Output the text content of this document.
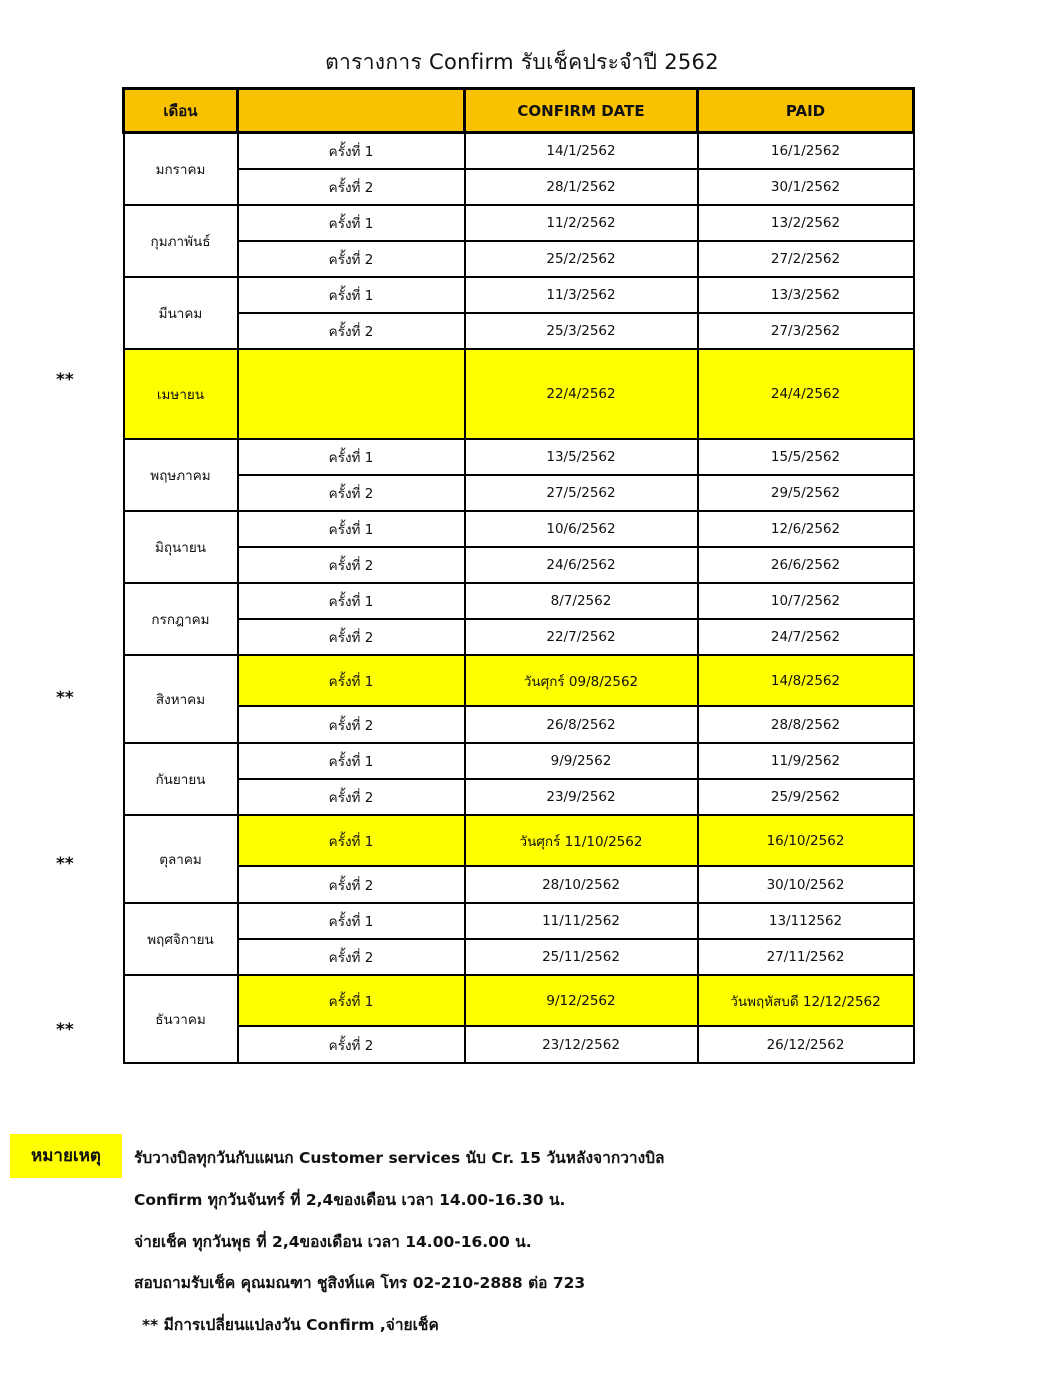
ตารางการ Confirm รับเช็คประจำปี 2562
เดือน		CONFIRM DATE	PAID
มกราคม	ครั้งที่ 1	14/1/2562	16/1/2562
	ครั้งที่ 2	28/1/2562	30/1/2562
กุมภาพันธ์	ครั้งที่ 1	11/2/2562	13/2/2562
	ครั้งที่ 2	25/2/2562	27/2/2562
มีนาคม	ครั้งที่ 1	11/3/2562	13/3/2562
	ครั้งที่ 2	25/3/2562	27/3/2562
เมษายน		22/4/2562	24/4/2562
พฤษภาคม	ครั้งที่ 1	13/5/2562	15/5/2562
	ครั้งที่ 2	27/5/2562	29/5/2562
มิถุนายน	ครั้งที่ 1	10/6/2562	12/6/2562
	ครั้งที่ 2	24/6/2562	26/6/2562
กรกฎาคม	ครั้งที่ 1	8/7/2562	10/7/2562
	ครั้งที่ 2	22/7/2562	24/7/2562
สิงหาคม	ครั้งที่ 1	วันศุกร์ 09/8/2562	14/8/2562
	ครั้งที่ 2	26/8/2562	28/8/2562
กันยายน	ครั้งที่ 1	9/9/2562	11/9/2562
	ครั้งที่ 2	23/9/2562	25/9/2562
ตุลาคม	ครั้งที่ 1	วันศุกร์ 11/10/2562	16/10/2562
	ครั้งที่ 2	28/10/2562	30/10/2562
พฤศจิกายน	ครั้งที่ 1	11/11/2562	13/112562
	ครั้งที่ 2	25/11/2562	27/11/2562
ธันวาคม	ครั้งที่ 1	9/12/2562	วันพฤหัสบดี 12/12/2562
	ครั้งที่ 2	23/12/2562	26/12/2562
**
**
**
**
หมายเหตุ	รับวางบิลทุกวันกับแผนก Customer services นับ Cr. 15 วันหลังจากวางบิล
Confirm ทุกวันจันทร์ ที่ 2,4ของเดือน เวลา 14.00-16.30 น.
จ่ายเช็ค ทุกวันพุธ ที่ 2,4ของเดือน เวลา 14.00-16.00 น.
สอบถามรับเช็ค คุณมณฑา ชูสิงห์แค โทร 02-210-2888 ต่อ 723
** มีการเปลี่ยนแปลงวัน Confirm ,จ่ายเช็ค
